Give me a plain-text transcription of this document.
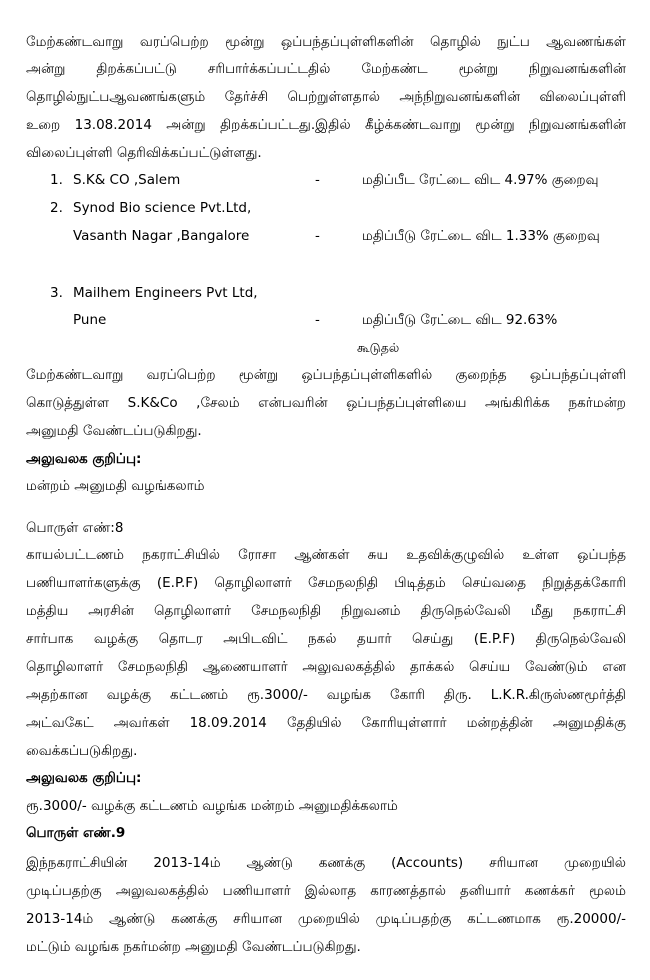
மேற்கண்டவாறு வரப்பெற்ற மூன்று ஒப்பந்தப்புள்ளிகளின் தொழில் நுட்ப ஆவணங்கள்
அன்று திறக்கப்பட்டு சரிபார்க்கப்பட்டதில் மேற்கண்ட மூன்று நிறுவனங்களின்
தொழில்நுட்பஆவணங்களும் தேர்ச்சி பெற்றுள்ளதால் அந்நிறுவனங்களின் விலைப்புள்ளி
உறை 13.08.2014 அன்று திறக்கப்பட்டது.இதில் கீழ்க்கண்டவாறு மூன்று நிறுவனங்களின்
விலைப்புள்ளி தெரிவிக்கப்பட்டுள்ளது.
1. S.K& CO ,Salem	-	மதிப்பீட ரேட்டை விட 4.97% குறைவு
2. Synod Bio science Pvt.Ltd,
Vasanth Nagar ,Bangalore	-	மதிப்பீடு ரேட்டை விட 1.33% குறைவு
3. Mailhem Engineers Pvt Ltd,
Pune	-	மதிப்பீடு ரேட்டை விட 92.63%
கூடுதல்
மேற்கண்டவாறு வரப்பெற்ற மூன்று ஒப்பந்தப்புள்ளிகளில் குறைந்த ஒப்பந்தப்புள்ளி
கொடுத்துள்ள S.K&Co ,சேலம் என்பவரின் ஒப்பந்தப்புள்ளியை அங்கிரிக்க நகர்மன்ற
அனுமதி வேண்டப்படுகிறது.
அலுவலக குறிப்பு:
மன்றம் அனுமதி வழங்கலாம்
பொருள் எண்:8
காயல்பட்டணம் நகராட்சியில் ரோசா ஆண்கள் சுய உதவிக்குழுவில் உள்ள ஒப்பந்த
பணியாளர்களுக்கு (E.P.F) தொழிலாளர் சேமநலநிதி பிடித்தம் செய்வதை நிறுத்தக்கோரி
மத்திய அரசின் தொழிலாளர் சேமநலநிதி நிறுவனம் திருநெல்வேலி மீது நகராட்சி
சார்பாக வழக்கு தொடர அபிடவிட் நகல் தயார் செய்து (E.P.F) திருநெல்வேலி
தொழிலாளர் சேமநலநிதி ஆணையாளர் அலுவலகத்தில் தாக்கல் செய்ய வேண்டும் என
அதற்கான வழக்கு கட்டணம் ரூ.3000/- வழங்க கோரி திரு. L.K.R.கிருஸ்ணமூர்த்தி
அட்வகேட் அவர்கள் 18.09.2014 தேதியில் கோரியுள்ளார் மன்றத்தின் அனுமதிக்கு
வைக்கப்படுகிறது.
அலுவலக குறிப்பு:
ரூ.3000/- வழக்கு கட்டணம் வழங்க மன்றம் அனுமதிக்கலாம்
பொருள் எண்.9
இந்நகராட்சியின் 2013-14ம் ஆண்டு கணக்கு (Accounts) சரியான முறையில்
முடிப்பதற்கு அலுவலகத்தில் பணியாளர் இல்லாத காரணத்தால் தனியார் கணக்கர் மூலம்
2013-14ம் ஆண்டு கணக்கு சரியான முறையில் முடிப்பதற்கு கட்டணமாக ரூ.20000/-
மட்டும் வழங்க நகர்மன்ற அனுமதி வேண்டப்படுகிறது.
